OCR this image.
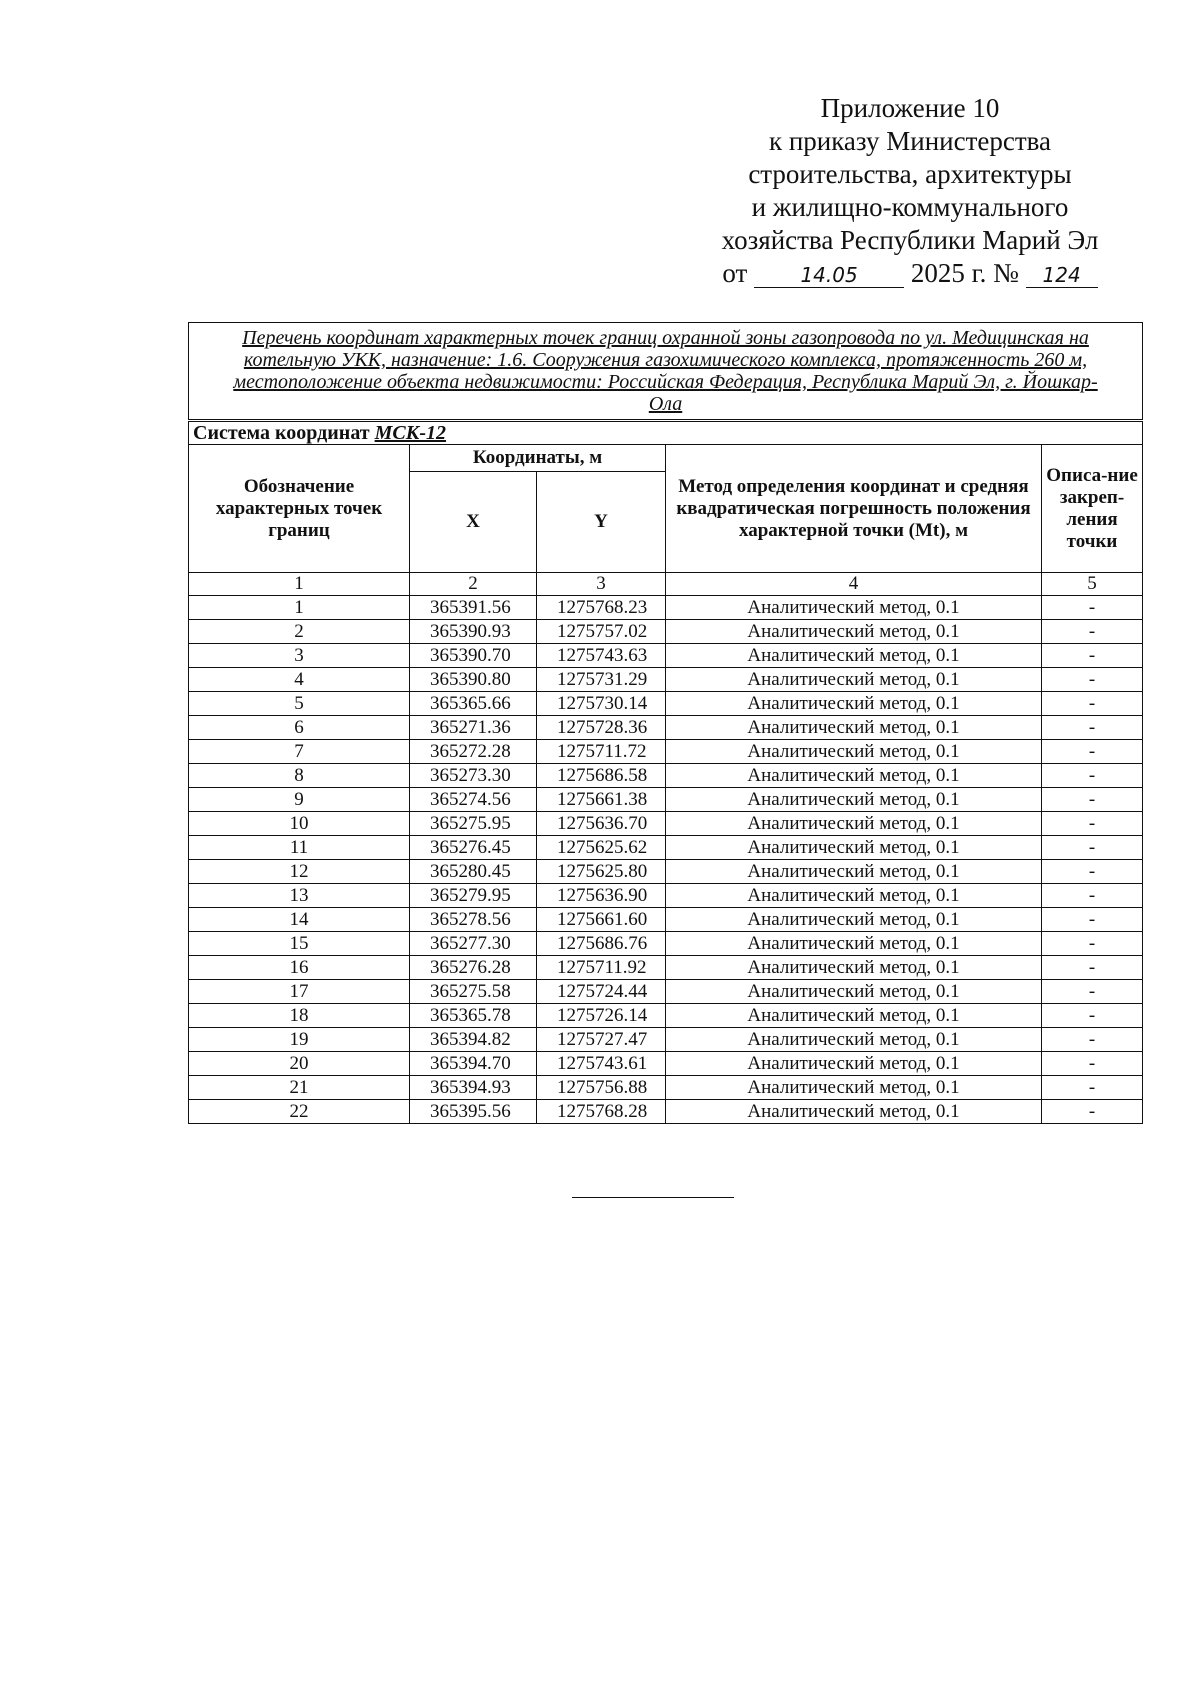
Приложение 10
к приказу Министерства
строительства, архитектуры
и жилищно-коммунального
хозяйства Республики Марий Эл
от	14.05 2025 г. № 124
Перечень координат характерных точек границ охранной зоны газопровода по ул. Медицинская на котельную УКК, назначение: 1.6. Сооружения газохимического комплекса, протяженность 260 м, местоположение объекта недвижимости: Российская Федерация, Республика Марий Эл, г. Йошкар-Ола				
Система координат МСК-12				
Обозначение характерных точек границ	Координаты, м		Метод определения координат и средняя квадратическая погрешность положения характерной точки (Mt), м	Описа-ние закреп-ления точки
	X	Y		
1	2	3	4	5
1	365391.56	1275768.23	Аналитический метод, 0.1	-
2	365390.93	1275757.02	Аналитический метод, 0.1	-
3	365390.70	1275743.63	Аналитический метод, 0.1	-
4	365390.80	1275731.29	Аналитический метод, 0.1	-
5	365365.66	1275730.14	Аналитический метод, 0.1	-
6	365271.36	1275728.36	Аналитический метод, 0.1	-
7	365272.28	1275711.72	Аналитический метод, 0.1	-
8	365273.30	1275686.58	Аналитический метод, 0.1	-
9	365274.56	1275661.38	Аналитический метод, 0.1	-
10	365275.95	1275636.70	Аналитический метод, 0.1	-
11	365276.45	1275625.62	Аналитический метод, 0.1	-
12	365280.45	1275625.80	Аналитический метод, 0.1	-
13	365279.95	1275636.90	Аналитический метод, 0.1	-
14	365278.56	1275661.60	Аналитический метод, 0.1	-
15	365277.30	1275686.76	Аналитический метод, 0.1	-
16	365276.28	1275711.92	Аналитический метод, 0.1	-
17	365275.58	1275724.44	Аналитический метод, 0.1	-
18	365365.78	1275726.14	Аналитический метод, 0.1	-
19	365394.82	1275727.47	Аналитический метод, 0.1	-
20	365394.70	1275743.61	Аналитический метод, 0.1	-
21	365394.93	1275756.88	Аналитический метод, 0.1	-
22	365395.56	1275768.28	Аналитический метод, 0.1	-
